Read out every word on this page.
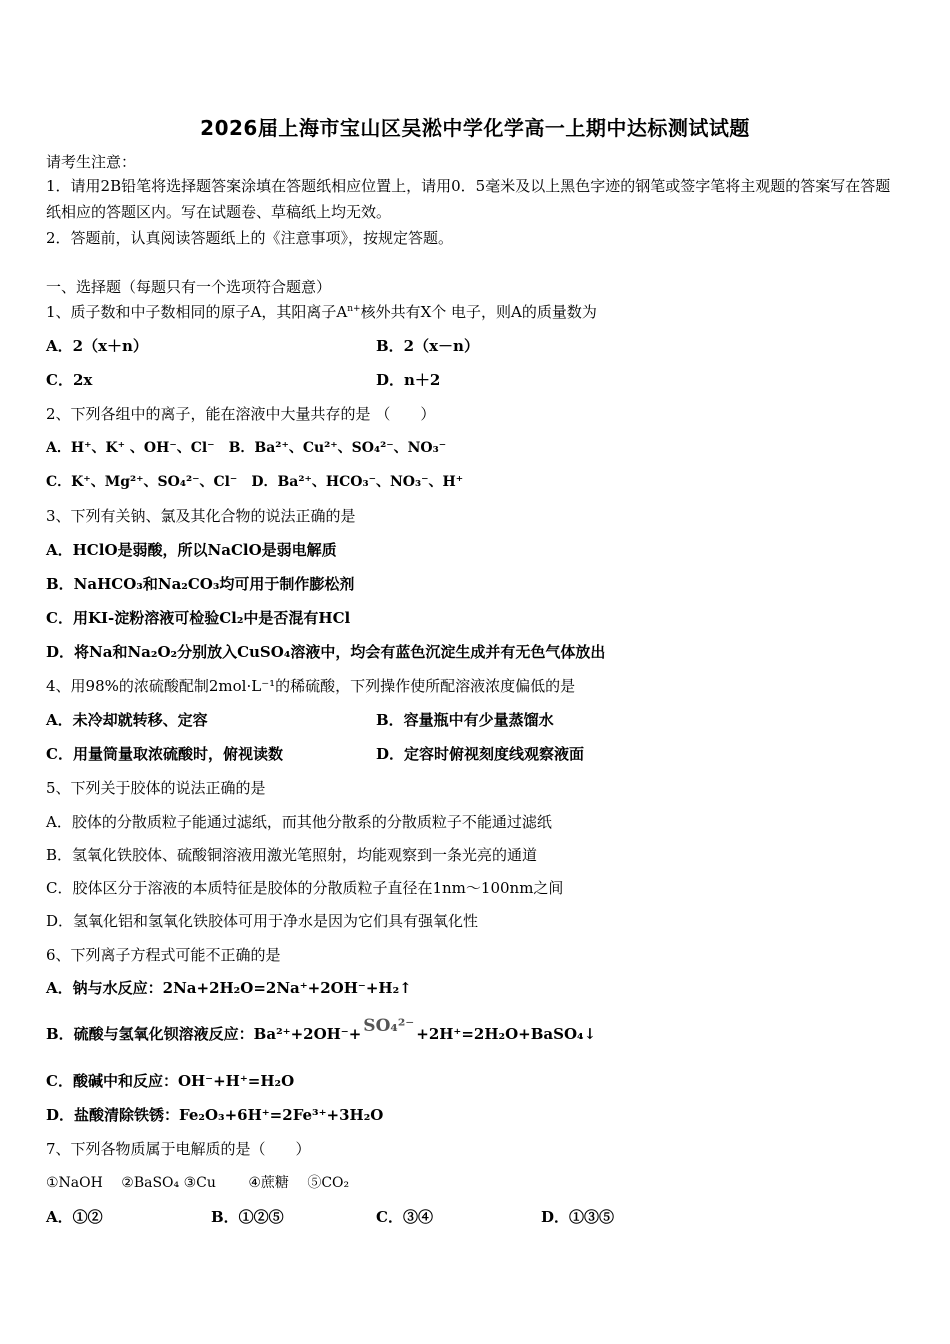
2026届上海市宝山区吴淞中学化学高一上期中达标测试试题
请考生注意：
1．请用2B铅笔将选择题答案涂填在答题纸相应位置上，请用0．5毫米及以上黑色字迹的钢笔或签字笔将主观题的答案写在答题纸相应的答题区内。写在试题卷、草稿纸上均无效。
2．答题前，认真阅读答题纸上的《注意事项》，按规定答题。
一、选择题（每题只有一个选项符合题意）
1、质子数和中子数相同的原子A，其阳离子$A^{n+}$核外共有X个 电子，则A的质量数为
A．2（x＋n）	B．2（x－n）
C．2x	D．n＋2
2、下列各组中的离子，能在溶液中大量共存的是 （　　）
A．H⁺、K⁺ 、OH⁻、Cl⁻　B．Ba²⁺、Cu²⁺、SO₄²⁻、NO₃⁻
C．K⁺、Mg²⁺、SO₄²⁻、Cl⁻　D．Ba²⁺、HCO₃⁻、NO₃⁻、H⁺
3、下列有关钠、氯及其化合物的说法正确的是
A．HClO是弱酸，所以NaClO是弱电解质
B．NaHCO₃和Na₂CO₃均可用于制作膨松剂
C．用KI-淀粉溶液可检验Cl₂中是否混有HCl
D．将Na和Na₂O₂分别放入CuSO₄溶液中，均会有蓝色沉淀生成并有无色气体放出
4、用98%的浓硫酸配制2mol·L⁻¹的稀硫酸，下列操作使所配溶液浓度偏低的是
A．未冷却就转移、定容	B．容量瓶中有少量蒸馏水
C．用量筒量取浓硫酸时，俯视读数	D．定容时俯视刻度线观察液面
5、下列关于胶体的说法正确的是
A．胶体的分散质粒子能通过滤纸，而其他分散系的分散质粒子不能通过滤纸
B．氢氧化铁胶体、硫酸铜溶液用激光笔照射，均能观察到一条光亮的通道
C．胶体区分于溶液的本质特征是胶体的分散质粒子直径在1nm～100nm之间
D．氢氧化铝和氢氧化铁胶体可用于净水是因为它们具有强氧化性
6、下列离子方程式可能不正确的是
A．钠与水反应：2Na+2H₂O=2Na⁺+2OH⁻+H₂↑
B．硫酸与氢氧化钡溶液反应：Ba²⁺+2OH⁻+ SO₄²⁻ +2H⁺=2H₂O+BaSO₄↓
C．酸碱中和反应：OH⁻+H⁺=H₂O
D．盐酸清除铁锈：Fe₂O₃+6H⁺=2Fe³⁺+3H₂O
7、下列各物质属于电解质的是（　　）
①NaOH　 ②BaSO₄ ③Cu　　 ④蔗糖　 ⑤CO₂
A．①②	B．①②⑤	C．③④	D．①③⑤
